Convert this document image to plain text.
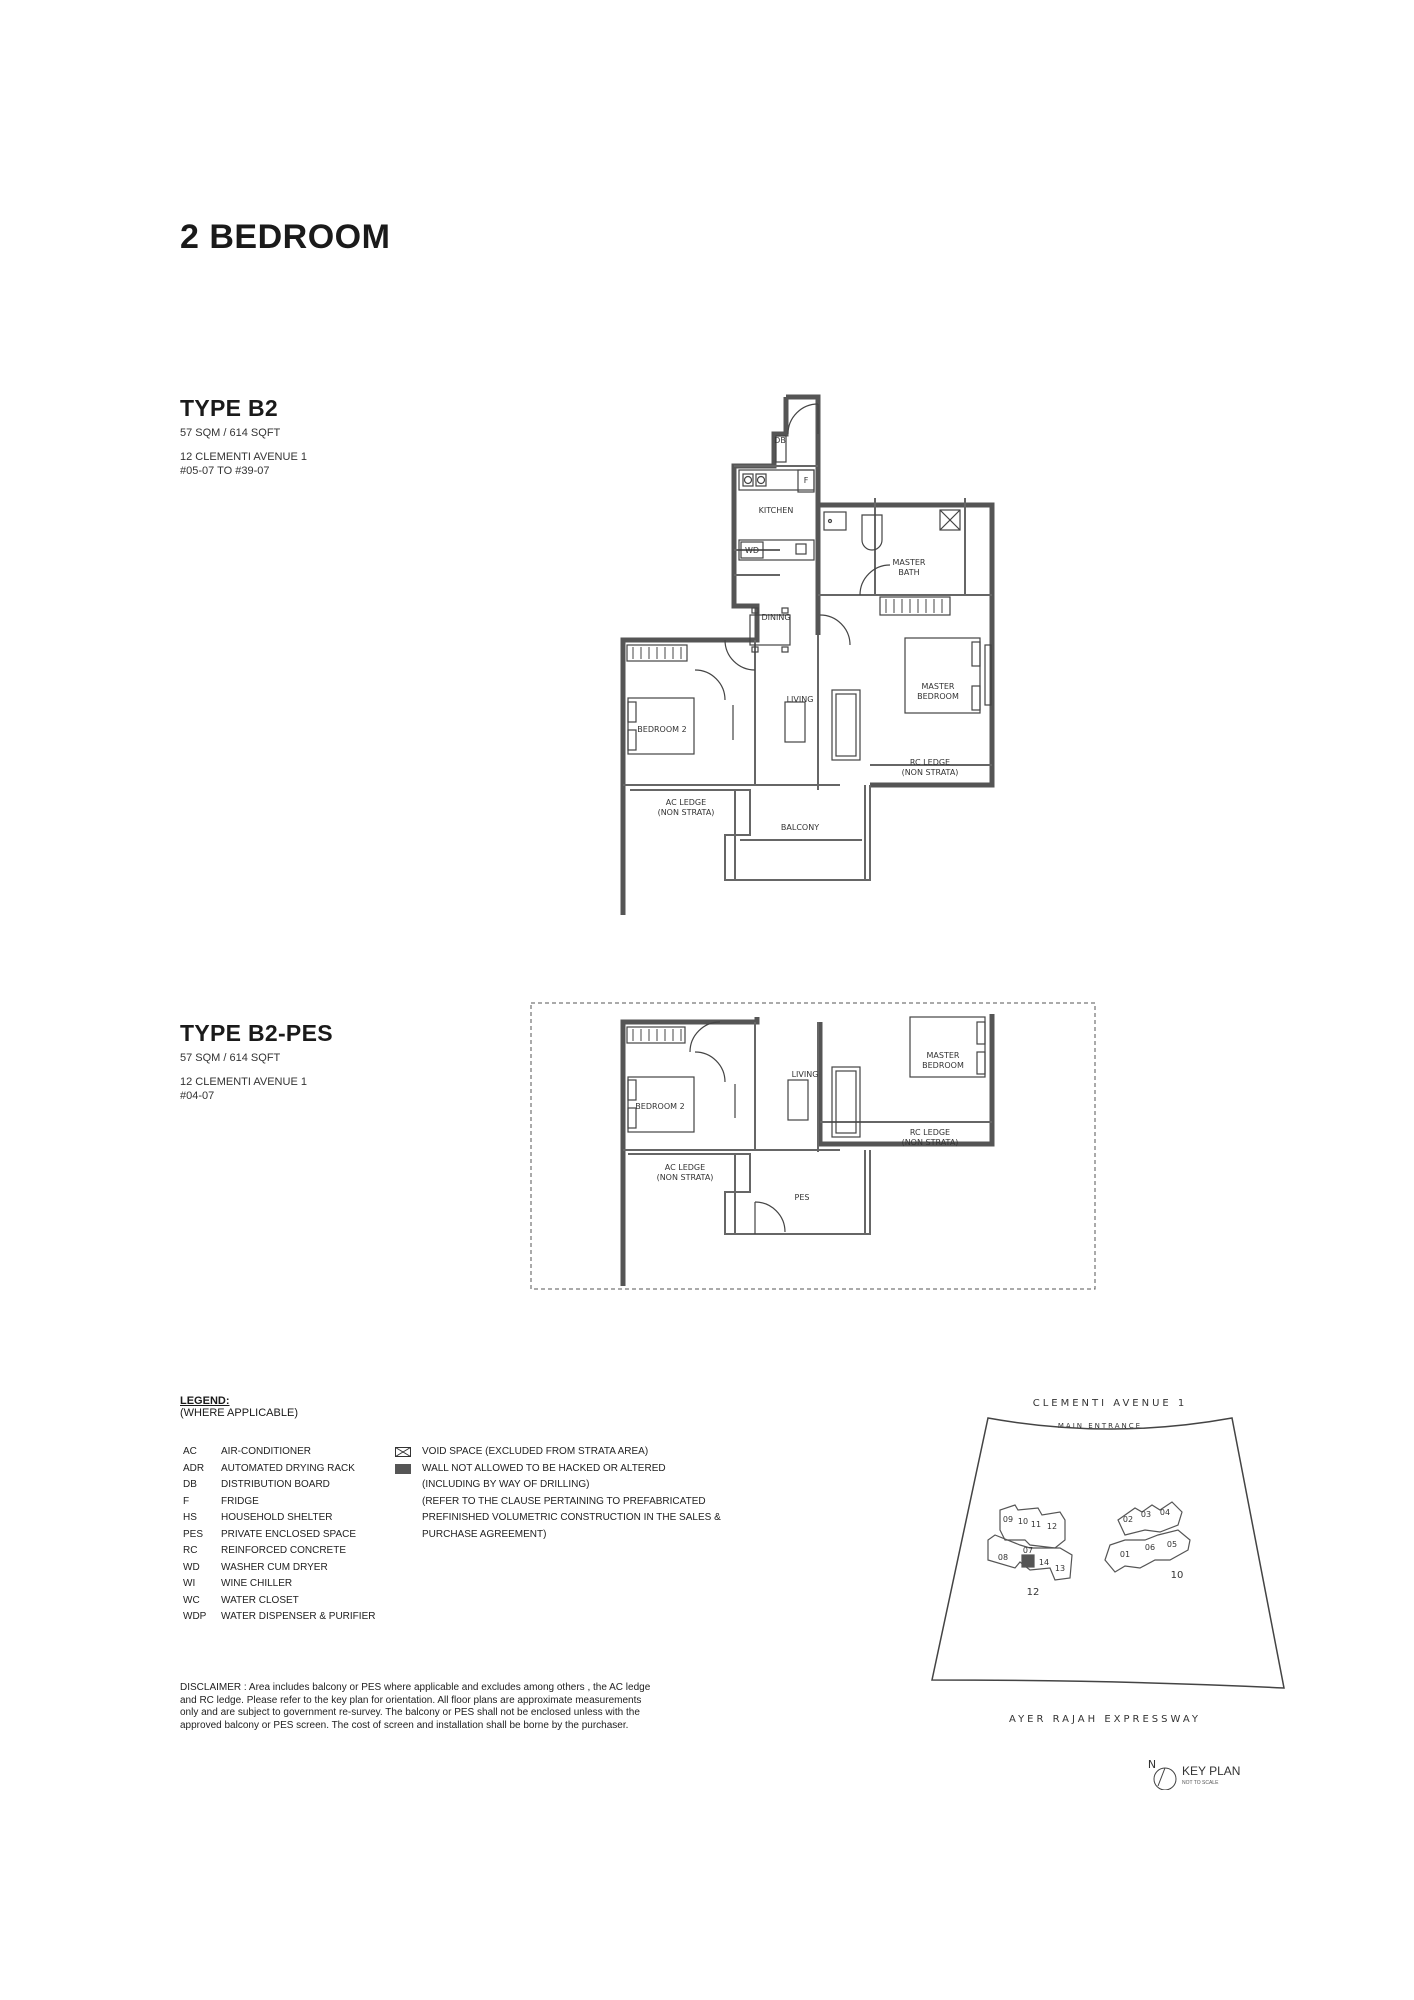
2 BEDROOM
TYPE B2
57 SQM / 614 SQFT
12 CLEMENTI AVENUE 1
#05-07 TO #39-07
DB
F
KITCHEN
WD
MASTER
BATH
DINING
LIVING
MASTER
BEDROOM
BEDROOM 2
RC LEDGE
(NON STRATA)
AC LEDGE
(NON STRATA)
BALCONY
TYPE B2-PES
57 SQM / 614 SQFT
12 CLEMENTI AVENUE 1
#04-07
LIVING
MASTER
BEDROOM
BEDROOM 2
RC LEDGE
(NON STRATA)
AC LEDGE
(NON STRATA)
PES
LEGEND:
(WHERE APPLICABLE)
AC AIR-CONDITIONER
ADR AUTOMATED DRYING RACK
DB DISTRIBUTION BOARD
F	FRIDGE
HS HOUSEHOLD SHELTER
PES PRIVATE ENCLOSED SPACE
RC REINFORCED CONCRETE
WD WASHER CUM DRYER
WI	WINE CHILLER
WC WATER CLOSET
WDP WATER DISPENSER & PURIFIER
VOID SPACE (EXCLUDED FROM STRATA AREA)
WALL NOT ALLOWED TO BE HACKED OR ALTERED
(INCLUDING BY WAY OF DRILLING)
(REFER TO THE CLAUSE PERTAINING TO PREFABRICATED
PREFINISHED VOLUMETRIC CONSTRUCTION IN THE SALES &
PURCHASE AGREEMENT)
DISCLAIMER : Area includes balcony or PES where applicable and excludes among others , the AC ledge
and RC ledge. Please refer to the key plan for orientation. All floor plans are approximate measurements
only and are subject to government re-survey. The balcony or PES shall not be enclosed unless with the
approved balcony or PES screen. The cost of screen and installation shall be borne by the purchaser.
CLEMENTI AVENUE 1
MAIN ENTRANCE
09 10 11 12
08
07
14
13
12
02
03 04
01
06 05
10
AYER RAJAH EXPRESSWAY
N KEY PLAN
NOT TO SCALE
